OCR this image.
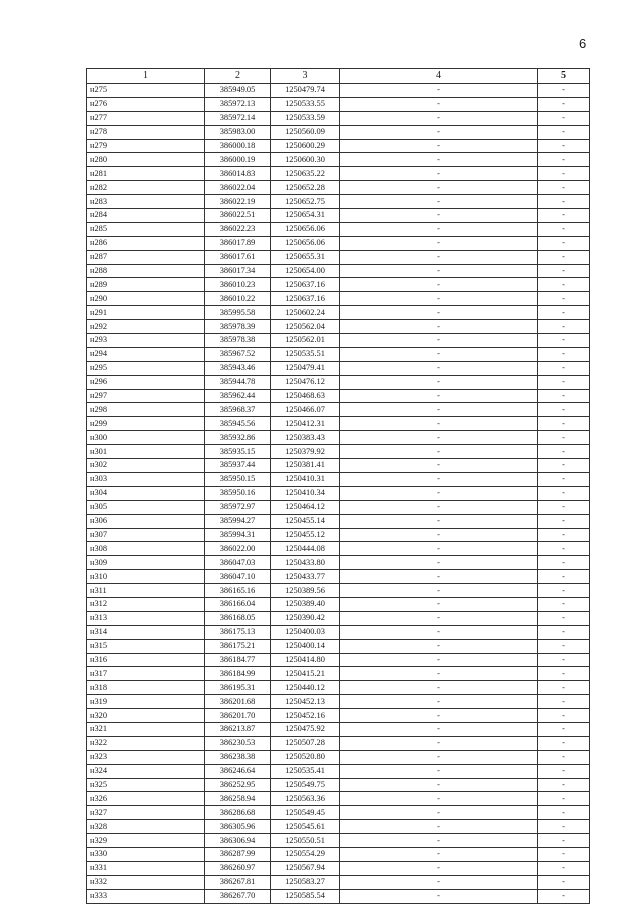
6
1	2	3	4	5
н275	385949.05	1250479.74	-	-
н276	385972.13	1250533.55	-	-
н277	385972.14	1250533.59	-	-
н278	385983.00	1250560.09	-	-
н279	386000.18	1250600.29	-	-
н280	386000.19	1250600.30	-	-
н281	386014.83	1250635.22	-	-
н282	386022.04	1250652.28	-	-
н283	386022.19	1250652.75	-	-
н284	386022.51	1250654.31	-	-
н285	386022.23	1250656.06	-	-
н286	386017.89	1250656.06	-	-
н287	386017.61	1250655.31	-	-
н288	386017.34	1250654.00	-	-
н289	386010.23	1250637.16	-	-
н290	386010.22	1250637.16	-	-
н291	385995.58	1250602.24	-	-
н292	385978.39	1250562.04	-	-
н293	385978.38	1250562.01	-	-
н294	385967.52	1250535.51	-	-
н295	385943.46	1250479.41	-	-
н296	385944.78	1250476.12	-	-
н297	385962.44	1250468.63	-	-
н298	385968.37	1250466.07	-	-
н299	385945.56	1250412.31	-	-
н300	385932.86	1250383.43	-	-
н301	385935.15	1250379.92	-	-
н302	385937.44	1250381.41	-	-
н303	385950.15	1250410.31	-	-
н304	385950.16	1250410.34	-	-
н305	385972.97	1250464.12	-	-
н306	385994.27	1250455.14	-	-
н307	385994.31	1250455.12	-	-
н308	386022.00	1250444.08	-	-
н309	386047.03	1250433.80	-	-
н310	386047.10	1250433.77	-	-
н311	386165.16	1250389.56	-	-
н312	386166.04	1250389.40	-	-
н313	386168.05	1250390.42	-	-
н314	386175.13	1250400.03	-	-
н315	386175.21	1250400.14	-	-
н316	386184.77	1250414.80	-	-
н317	386184.99	1250415.21	-	-
н318	386195.31	1250440.12	-	-
н319	386201.68	1250452.13	-	-
н320	386201.70	1250452.16	-	-
н321	386213.87	1250475.92	-	-
н322	386230.53	1250507.28	-	-
н323	386238.38	1250520.80	-	-
н324	386246.64	1250535.41	-	-
н325	386252.95	1250549.75	-	-
н326	386258.94	1250563.36	-	-
н327	386286.68	1250549.45	-	-
н328	386305.96	1250545.61	-	-
н329	386306.94	1250550.51	-	-
н330	386287.99	1250554.29	-	-
н331	386260.97	1250567.94	-	-
н332	386267.81	1250583.27	-	-
н333	386267.70	1250585.54	-	-
